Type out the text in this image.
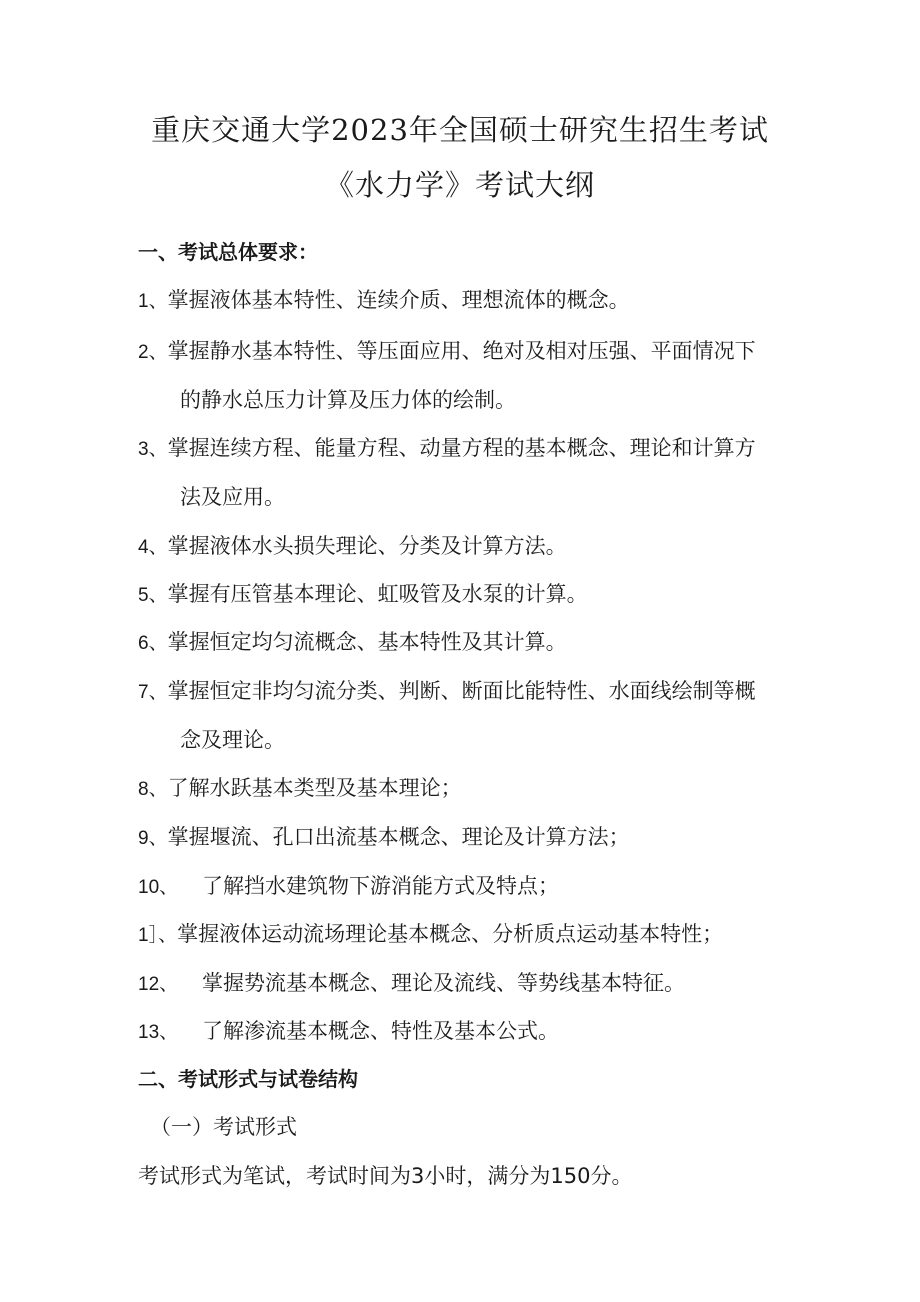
重庆交通大学2023年全国硕士研究生招生考试
《水力学》考试大纲
一、考试总体要求：
1、掌握液体基本特性、连续介质、理想流体的概念。
2、掌握静水基本特性、等压面应用、绝对及相对压强、平面情况下
的静水总压力计算及压力体的绘制。
3、掌握连续方程、能量方程、动量方程的基本概念、理论和计算方
法及应用。
4、掌握液体水头损失理论、分类及计算方法。
5、掌握有压管基本理论、虹吸管及水泵的计算。
6、掌握恒定均匀流概念、基本特性及其计算。
7、掌握恒定非均匀流分类、判断、断面比能特性、水面线绘制等概
念及理论。
8、了解水跃基本类型及基本理论；
9、掌握堰流、孔口出流基本概念、理论及计算方法；
10、 了解挡水建筑物下游消能方式及特点；
1］、掌握液体运动流场理论基本概念、分析质点运动基本特性；
12、 掌握势流基本概念、理论及流线、等势线基本特征。
13、 了解渗流基本概念、特性及基本公式。
二、考试形式与试卷结构
（一）考试形式
考试形式为笔试，考试时间为3小时，满分为150分。
